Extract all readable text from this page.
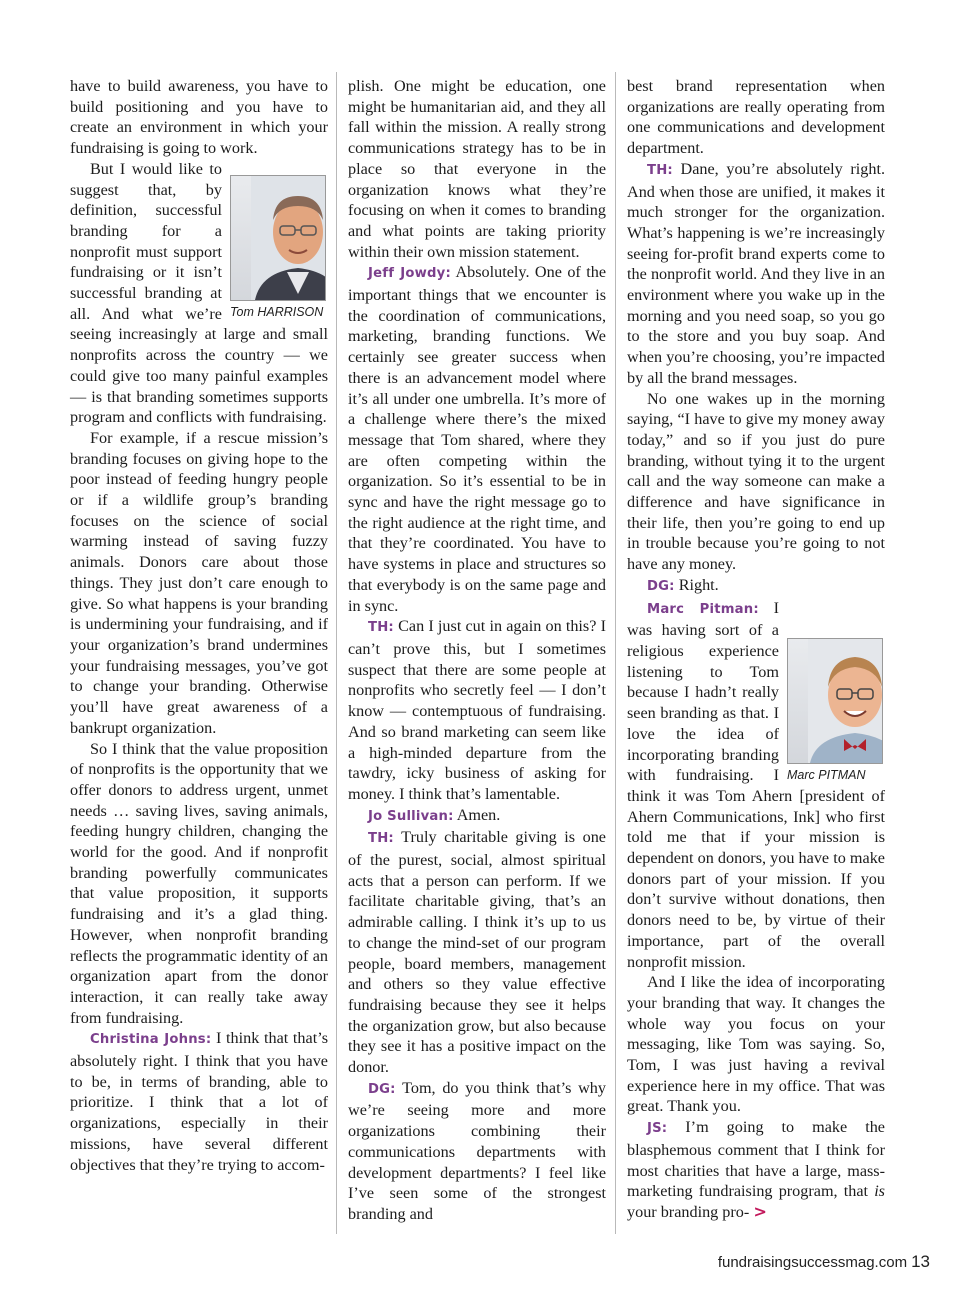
have to build awareness, you have to build positioning and you have to create an environment in which your fundraising is going to work.

Tom HARRISON
But I would like to suggest that, by definition, successful branding for a nonprofit must support fundraising or it isn’t successful branding at all. And what we’re seeing increasingly at large and small nonprofits across the country — we could give too many painful examples — is that branding sometimes supports program and conflicts with fundraising.

For example, if a rescue mission’s branding focuses on giving hope to the poor instead of feeding hungry people or if a wildlife group’s branding focuses on the science of social warming instead of saving fuzzy animals. Donors care about those things. They just don’t care enough to give. So what happens is your branding is undermining your fundraising, and if your organization’s brand undermines your fundraising messages, you’ve got to change your branding. Otherwise you’ll have great awareness of a bankrupt organization.

So I think that the value proposition of nonprofits is the opportunity that we offer donors to address urgent, unmet needs … saving lives, saving animals, feeding hungry children, changing the world for the good. And if nonprofit branding powerfully communicates that value proposition, it supports fundraising and it’s a glad thing. However, when nonprofit branding reflects the programmatic identity of an organization apart from the donor interaction, it can really take away from fundraising.

Christina Johns: I think that that’s absolutely right. I think that you have to be, in terms of branding, able to prioritize. I think that a lot of organizations, especially in their missions, have several different objectives that they’re trying to accom-

plish. One might be education, one might be humanitarian aid, and they all fall within the mission. A really strong communications strategy has to be in place so that everyone in the organization knows what they’re focusing on when it comes to branding and what points are taking priority within their own mission statement.

Jeff Jowdy: Absolutely. One of the important things that we encounter is the coordination of communications, marketing, branding functions. We certainly see greater success when there is an advancement model where it’s all under one umbrella. It’s more of a challenge where there’s the mixed message that Tom shared, where they are often competing within the organization. So it’s essential to be in sync and have the right message go to the right audience at the right time, and that they’re coordinated. You have to have systems in place and structures so that everybody is on the same page and in sync.

TH: Can I just cut in again on this? I can’t prove this, but I sometimes suspect that there are some people at nonprofits who secretly feel — I don’t know — contemptuous of fundraising. And so brand marketing can seem like a high-minded departure from the tawdry, icky business of asking for money. I think that’s lamentable.

Jo Sullivan: Amen.

TH: Truly charitable giving is one of the purest, social, almost spiritual acts that a person can perform. If we facilitate charitable giving, that’s an admirable calling. I think it’s up to us to change the mind-set of our program people, board members, management and others so they value effective fundraising because they see it helps the organization grow, but also because they see it has a positive impact on the donor.

DG: Tom, do you think that’s why we’re seeing more and more organizations combining their communications departments with development departments? I feel like I’ve seen some of the strongest branding and

best brand representation when organizations are really operating from one communications and development department.

TH: Dane, you’re absolutely right. And when those are unified, it makes it much stronger for the organization. What’s happening is we’re increasingly seeing for-profit brand experts come to the nonprofit world. And they live in an environment where you wake up in the morning and you need soap, so you go to the store and you buy soap. And when you’re choosing, you’re impacted by all the brand messages.

No one wakes up in the morning saying, “I have to give my money away today,” and so if you just do pure branding, without tying it to the urgent call and the way someone can make a difference and have significance in their life, then you’re going to end up in trouble because you’re going to not have any money.

DG: Right.

Marc PITMAN
Marc Pitman: I was having sort of a religious experience listening to Tom because I hadn’t really seen branding as that. I love the idea of incorporating branding with fundraising. I think it was Tom Ahern [president of Ahern Communications, Ink] who first told me that if your mission is dependent on donors, you have to make donors part of your mission. If you don’t survive without donations, then donors need to be, by virtue of their importance, part of the overall nonprofit mission.

And I like the idea of incorporating your branding that way. It changes the whole way you focus on your messaging, like Tom was saying. So, Tom, I was just having a revival experience here in my office. That was great. Thank you.

JS: I’m going to make the blasphemous comment that I think for most charities that have a large, mass-marketing fundraising program, that is your branding pro- >

fundraisingsuccessmag.com 13
